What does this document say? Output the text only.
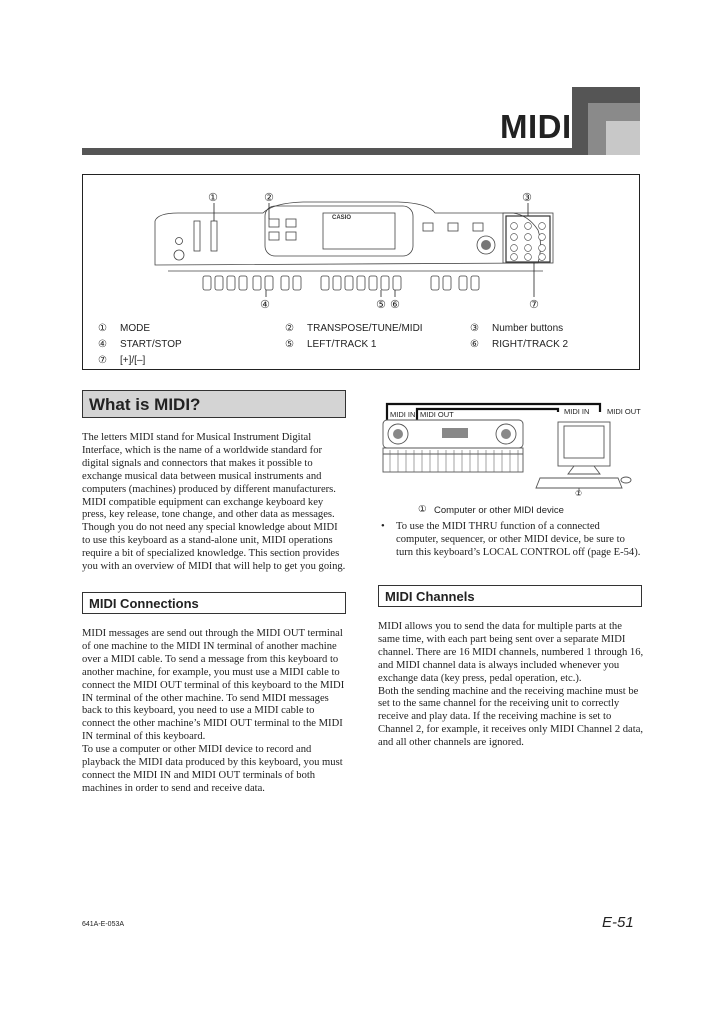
MIDI
CASIO
①	②	③
④	⑤ ⑥	⑦
① MODE	② TRANSPOSE/TUNE/MIDI	③ Number buttons
④ START/STOP	⑤ LEFT/TRACK 1	⑥ RIGHT/TRACK 2
⑦ [+]/[–]
What is MIDI?
The letters MIDI stand for Musical Instrument Digital Interface, which is the name of a worldwide standard for digital signals and connectors that makes it possible to exchange musical data between musical instruments and computers (machines) produced by different manufacturers. MIDI compatible equipment can exchange keyboard key press, key release, tone change, and other data as messages. Though you do not need any special knowledge about MIDI to use this keyboard as a stand-alone unit, MIDI operations require a bit of specialized knowledge. This section provides you with an overview of MIDI that will help to get you going.
MIDI IN MIDI OUT	MIDI IN MIDI OUT
①
① Computer or other MIDI device
• To use the MIDI THRU function of a connected computer, sequencer, or other MIDI device, be sure to turn this keyboard’s LOCAL CONTROL off (page E-54).
MIDI Connections
MIDI messages are send out through the MIDI OUT terminal of one machine to the MIDI IN terminal of another machine over a MIDI cable. To send a message from this keyboard to another machine, for example, you must use a MIDI cable to connect the MIDI OUT terminal of this keyboard to the MIDI IN terminal of the other machine. To send MIDI messages back to this keyboard, you need to use a MIDI cable to connect the other machine’s MIDI OUT terminal to the MIDI IN terminal of this keyboard.
To use a computer or other MIDI device to record and playback the MIDI data produced by this keyboard, you must connect the MIDI IN and MIDI OUT terminals of both machines in order to send and receive data.
MIDI Channels
MIDI allows you to send the data for multiple parts at the same time, with each part being sent over a separate MIDI channel. There are 16 MIDI channels, numbered 1 through 16, and MIDI channel data is always included whenever you exchange data (key press, pedal operation, etc.).
Both the sending machine and the receiving machine must be set to the same channel for the receiving unit to correctly receive and play data. If the receiving machine is set to Channel 2, for example, it receives only MIDI Channel 2 data, and all other channels are ignored.
641A-E-053A	E-51
